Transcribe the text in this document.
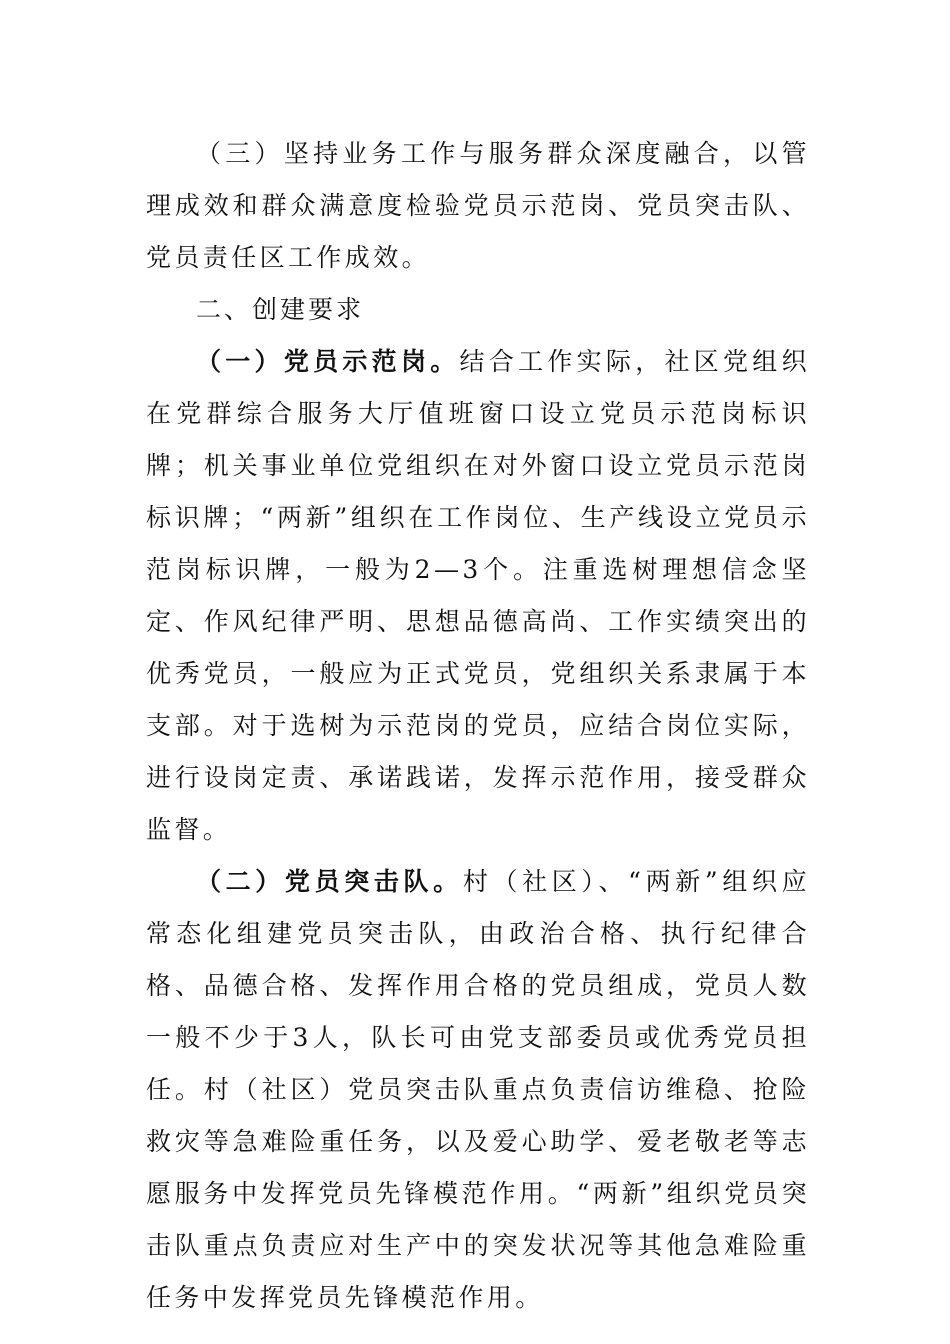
（三）坚持业务工作与服务群众深度融合，以管理成效和群众满意度检验党员示范岗、党员突击队、党员责任区工作成效。

二、创建要求

（一）党员示范岗。结合工作实际，社区党组织在党群综合服务大厅值班窗口设立党员示范岗标识牌；机关事业单位党组织在对外窗口设立党员示范岗标识牌；“两新”组织在工作岗位、生产线设立党员示范岗标识牌，一般为2—3个。注重选树理想信念坚定、作风纪律严明、思想品德高尚、工作实绩突出的优秀党员，一般应为正式党员，党组织关系隶属于本支部。对于选树为示范岗的党员，应结合岗位实际，进行设岗定责、承诺践诺，发挥示范作用，接受群众监督。

（二）党员突击队。村（社区）、“两新”组织应常态化组建党员突击队，由政治合格、执行纪律合格、品德合格、发挥作用合格的党员组成，党员人数一般不少于3人，队长可由党支部委员或优秀党员担任。村（社区）党员突击队重点负责信访维稳、抢险救灾等急难险重任务，以及爱心助学、爱老敬老等志愿服务中发挥党员先锋模范作用。“两新”组织党员突击队重点负责应对生产中的突发状况等其他急难险重任务中发挥党员先锋模范作用。
